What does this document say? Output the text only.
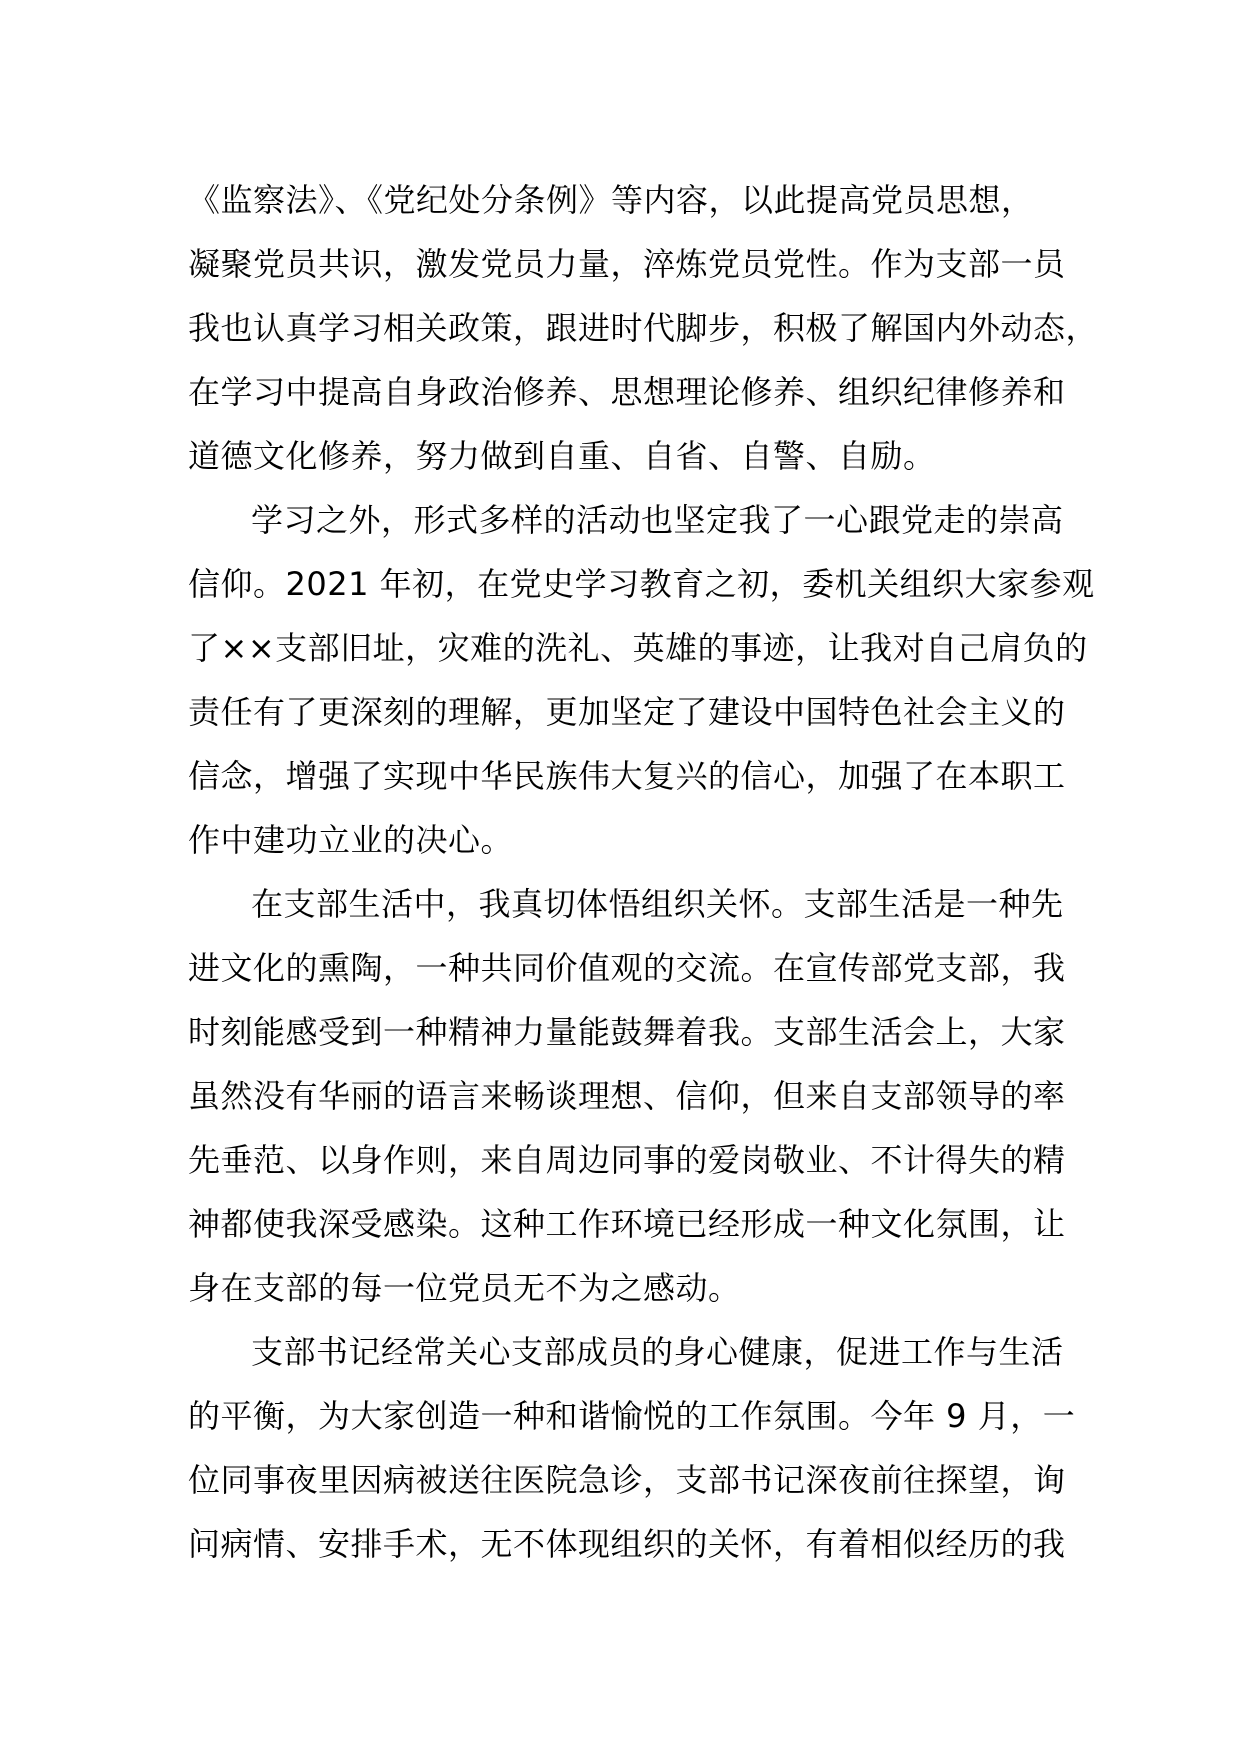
《监察法》、《党纪处分条例》等内容，以此提高党员思想，

凝聚党员共识，激发党员力量，淬炼党员党性。作为支部一员

我也认真学习相关政策，跟进时代脚步，积极了解国内外动态，

在学习中提高自身政治修养、思想理论修养、组织纪律修养和

道德文化修养，努力做到自重、自省、自警、自励。

学习之外，形式多样的活动也坚定我了一心跟党走的崇高

信仰。2021 年初，在党史学习教育之初，委机关组织大家参观

了××支部旧址，灾难的洗礼、英雄的事迹，让我对自己肩负的

责任有了更深刻的理解，更加坚定了建设中国特色社会主义的

信念，增强了实现中华民族伟大复兴的信心，加强了在本职工

作中建功立业的决心。

在支部生活中，我真切体悟组织关怀。支部生活是一种先

进文化的熏陶，一种共同价值观的交流。在宣传部党支部，我

时刻能感受到一种精神力量能鼓舞着我。支部生活会上，大家

虽然没有华丽的语言来畅谈理想、信仰，但来自支部领导的率

先垂范、以身作则，来自周边同事的爱岗敬业、不计得失的精

神都使我深受感染。这种工作环境已经形成一种文化氛围，让

身在支部的每一位党员无不为之感动。

支部书记经常关心支部成员的身心健康，促进工作与生活

的平衡，为大家创造一种和谐愉悦的工作氛围。今年 9 月，一

位同事夜里因病被送往医院急诊，支部书记深夜前往探望，询

问病情、安排手术，无不体现组织的关怀，有着相似经历的我
